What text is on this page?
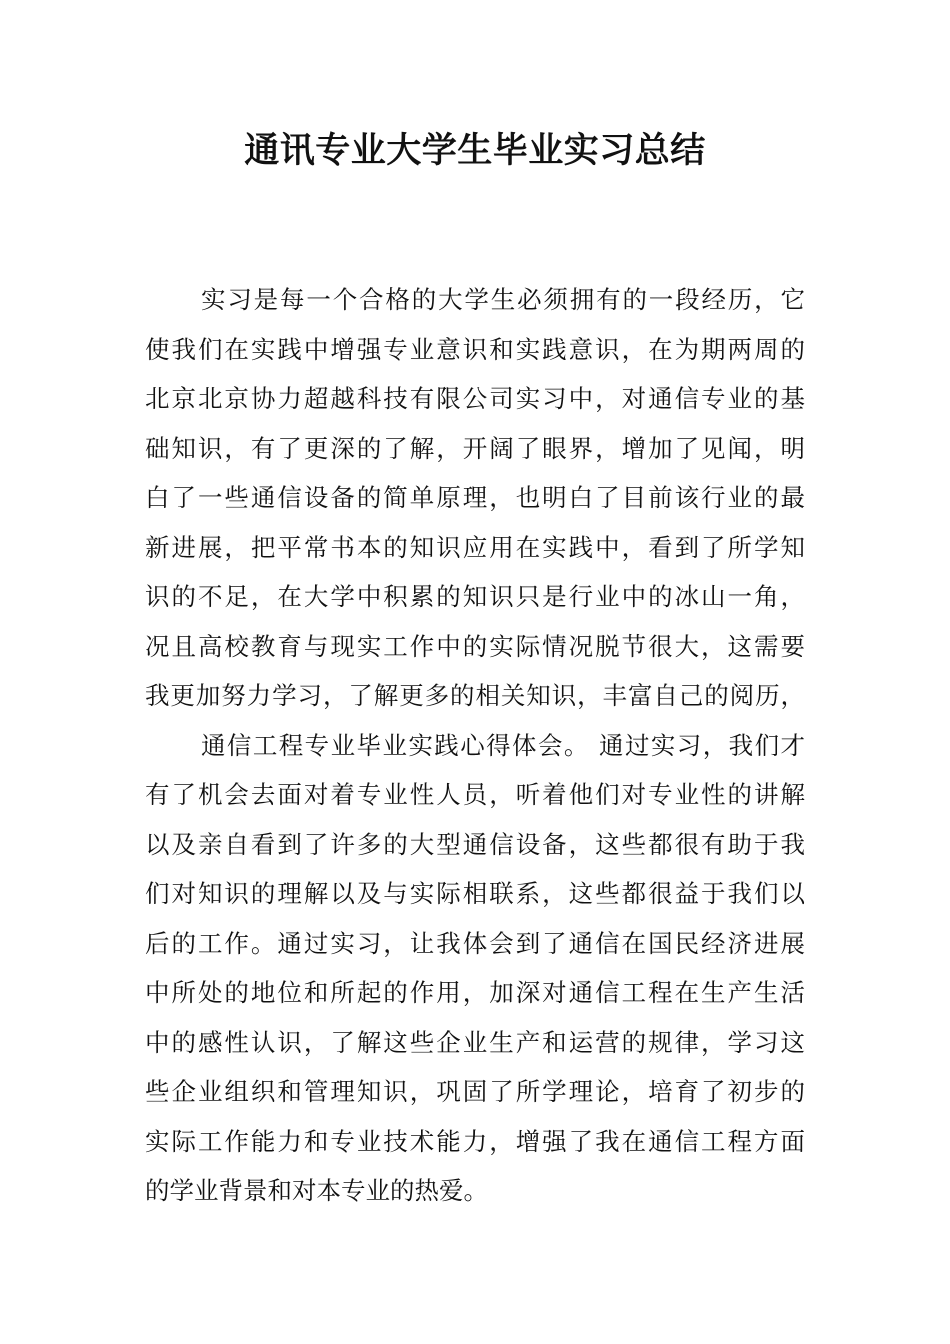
通讯专业大学生毕业实习总结
实习是每一个合格的大学生必须拥有的一段经历，它
使我们在实践中增强专业意识和实践意识，在为期两周的
北京北京协力超越科技有限公司实习中，对通信专业的基
础知识，有了更深的了解，开阔了眼界，增加了见闻，明
白了一些通信设备的简单原理，也明白了目前该行业的最
新进展，把平常书本的知识应用在实践中，看到了所学知
识的不足，在大学中积累的知识只是行业中的冰山一角，
况且高校教育与现实工作中的实际情况脱节很大，这需要
我更加努力学习，了解更多的相关知识，丰富自己的阅历，
通信工程专业毕业实践心得体会。 通过实习，我们才
有了机会去面对着专业性人员，听着他们对专业性的讲解
以及亲自看到了许多的大型通信设备，这些都很有助于我
们对知识的理解以及与实际相联系，这些都很益于我们以
后的工作。通过实习，让我体会到了通信在国民经济进展
中所处的地位和所起的作用，加深对通信工程在生产生活
中的感性认识，了解这些企业生产和运营的规律，学习这
些企业组织和管理知识，巩固了所学理论，培育了初步的
实际工作能力和专业技术能力，增强了我在通信工程方面
的学业背景和对本专业的热爱。
